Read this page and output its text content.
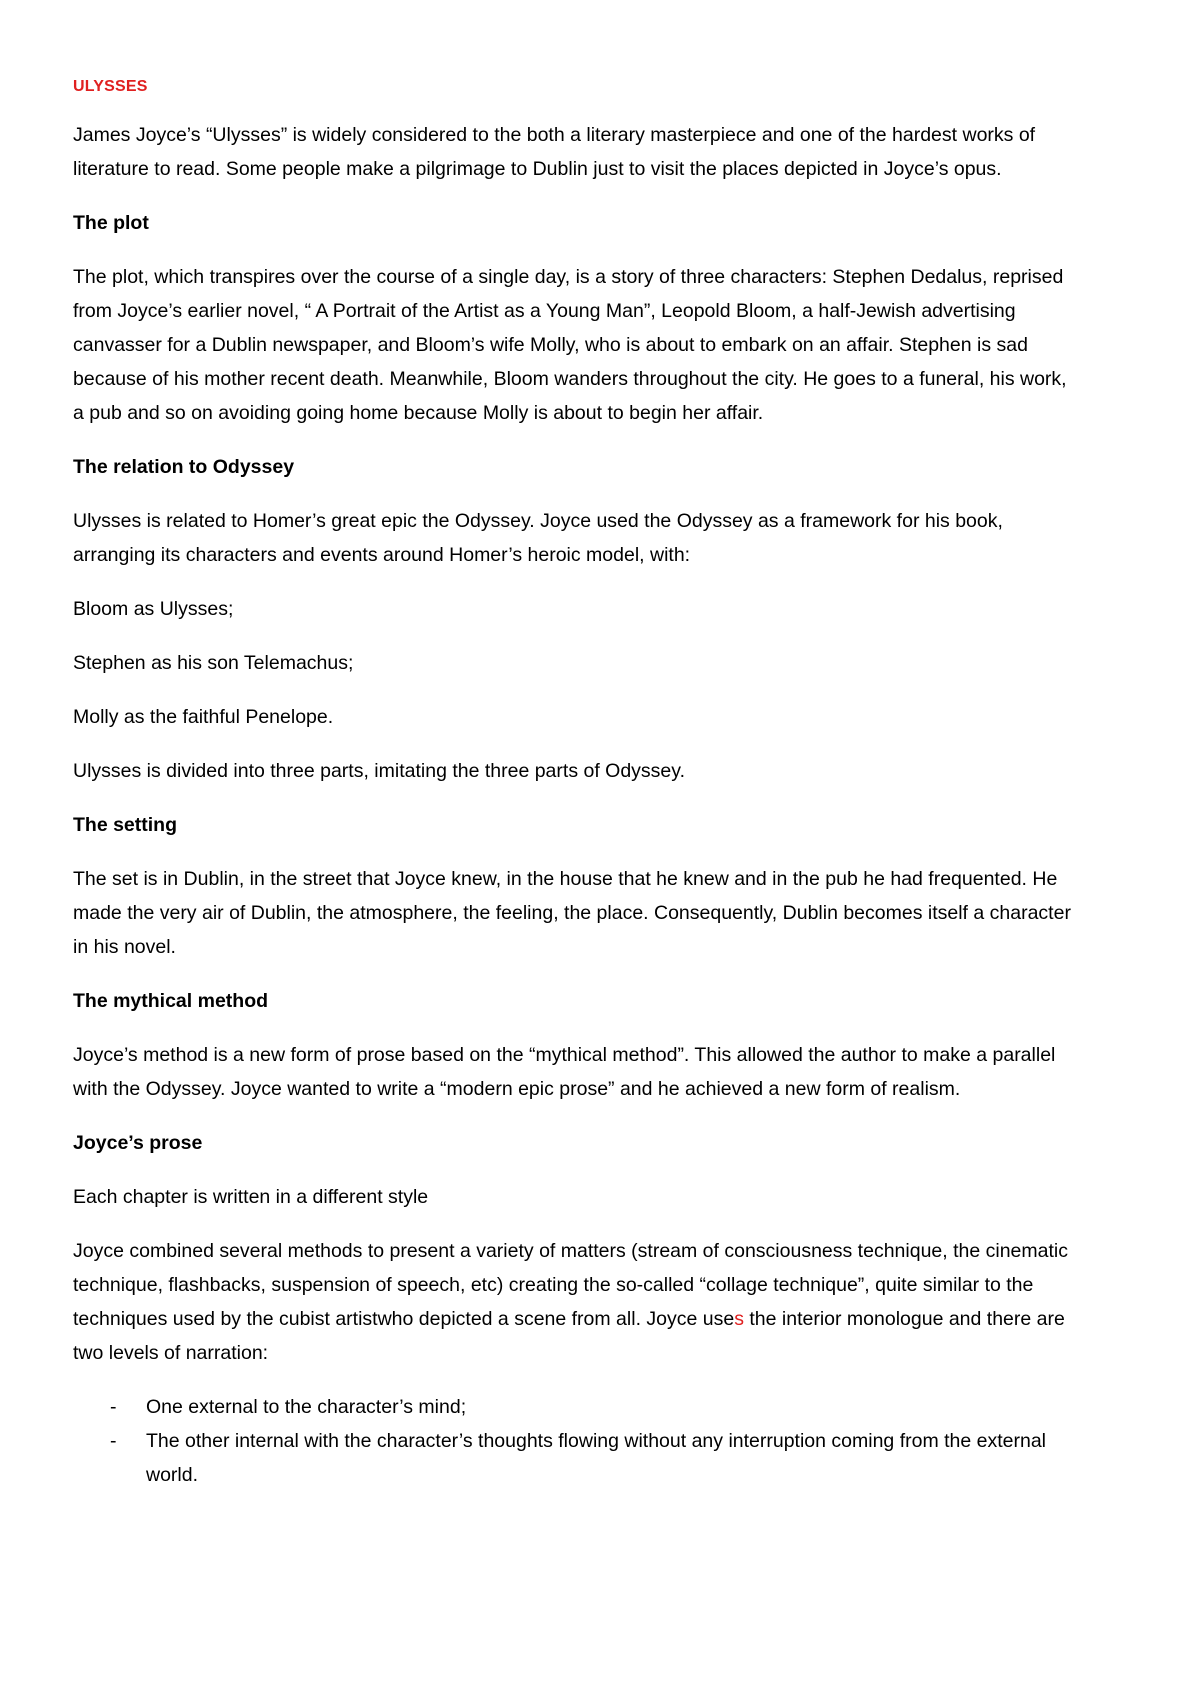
ULYSSES

James Joyce’s “Ulysses” is widely considered to the both a literary masterpiece and one of the hardest works of literature to read. Some people make a pilgrimage to Dublin just to visit the places depicted in Joyce’s opus.

The plot

The plot, which transpires over the course of a single day, is a story of three characters: Stephen Dedalus, reprised from Joyce’s earlier novel, “ A Portrait of the Artist as a Young Man”, Leopold Bloom, a half-Jewish advertising canvasser for a Dublin newspaper, and Bloom’s wife Molly, who is about to embark on an affair. Stephen is sad because of his mother recent death. Meanwhile, Bloom wanders throughout the city. He goes to a funeral, his work, a pub and so on avoiding going home because Molly is about to begin her affair.

The relation to Odyssey

Ulysses is related to Homer’s great epic the Odyssey. Joyce used the Odyssey as a framework for his book, arranging its characters and events around Homer’s heroic model, with:

Bloom as Ulysses;

Stephen as his son Telemachus;

Molly as the faithful Penelope.

Ulysses is divided into three parts, imitating the three parts of Odyssey.

The setting

The set is in Dublin, in the street that Joyce knew, in the house that he knew and in the pub he had frequented. He made the very air of Dublin, the atmosphere, the feeling, the place. Consequently, Dublin becomes itself a character in his novel.

The mythical method

Joyce’s method is a new form of prose based on the “mythical method”. This allowed the author to make a parallel with the Odyssey. Joyce wanted to write a “modern epic prose” and he achieved a new form of realism.

Joyce’s prose

Each chapter is written in a different style

Joyce combined several methods to present a variety of matters (stream of consciousness technique, the cinematic technique, flashbacks, suspension of speech, etc) creating the so-called “collage technique”, quite similar to the techniques used by the cubist artistwho depicted a scene from all. Joyce uses the interior monologue and there are two levels of narration:

- One external to the character’s mind;
- The other internal with the character’s thoughts flowing without any interruption coming from the external world.
